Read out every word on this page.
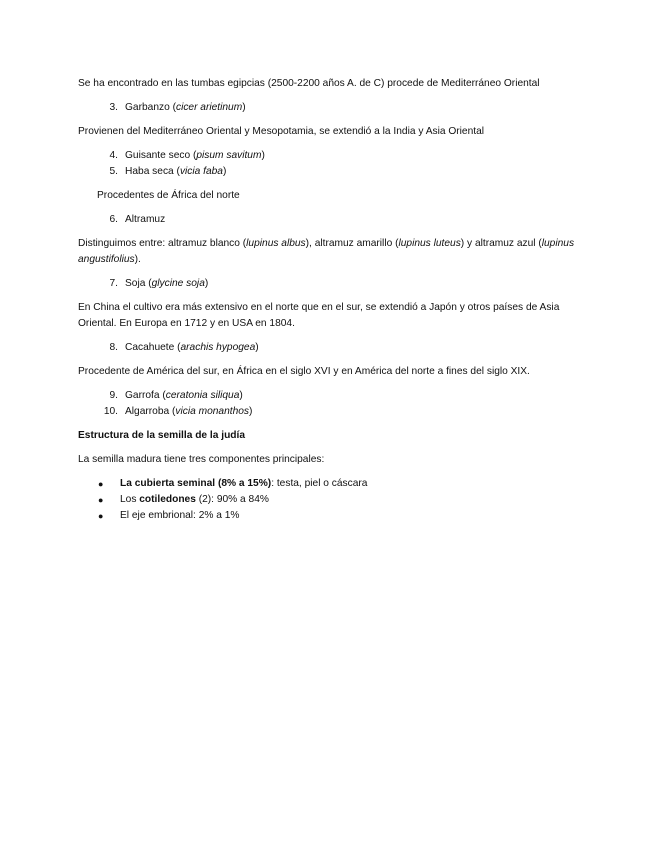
Se ha encontrado en las tumbas egipcias (2500-2200 años A. de C) procede de Mediterráneo Oriental

3. Garbanzo (cicer arietinum)

Provienen del Mediterráneo Oriental y Mesopotamia, se extendió a la India y Asia Oriental

4. Guisante seco (pisum savitum)
5. Haba seca (vicia faba)

Procedentes de África del norte

6. Altramuz

Distinguimos entre: altramuz blanco (lupinus albus), altramuz amarillo (lupinus luteus) y altramuz azul (lupinus angustifolius).

7. Soja (glycine soja)

En China el cultivo era más extensivo en el norte que en el sur, se extendió a Japón y otros países de Asia Oriental. En Europa en 1712 y en USA en 1804.

8. Cacahuete (arachis hypogea)

Procedente de América del sur, en África en el siglo XVI y en América del norte a fines del siglo XIX.

9. Garrofa (ceratonia siliqua)
10. Algarroba (vicia monanthos)

Estructura de la semilla de la judía

La semilla madura tiene tres componentes principales:

●	La cubierta seminal (8% a 15%): testa, piel o cáscara
●	Los cotiledones (2): 90% a 84%
●	El eje embrional: 2% a 1%
